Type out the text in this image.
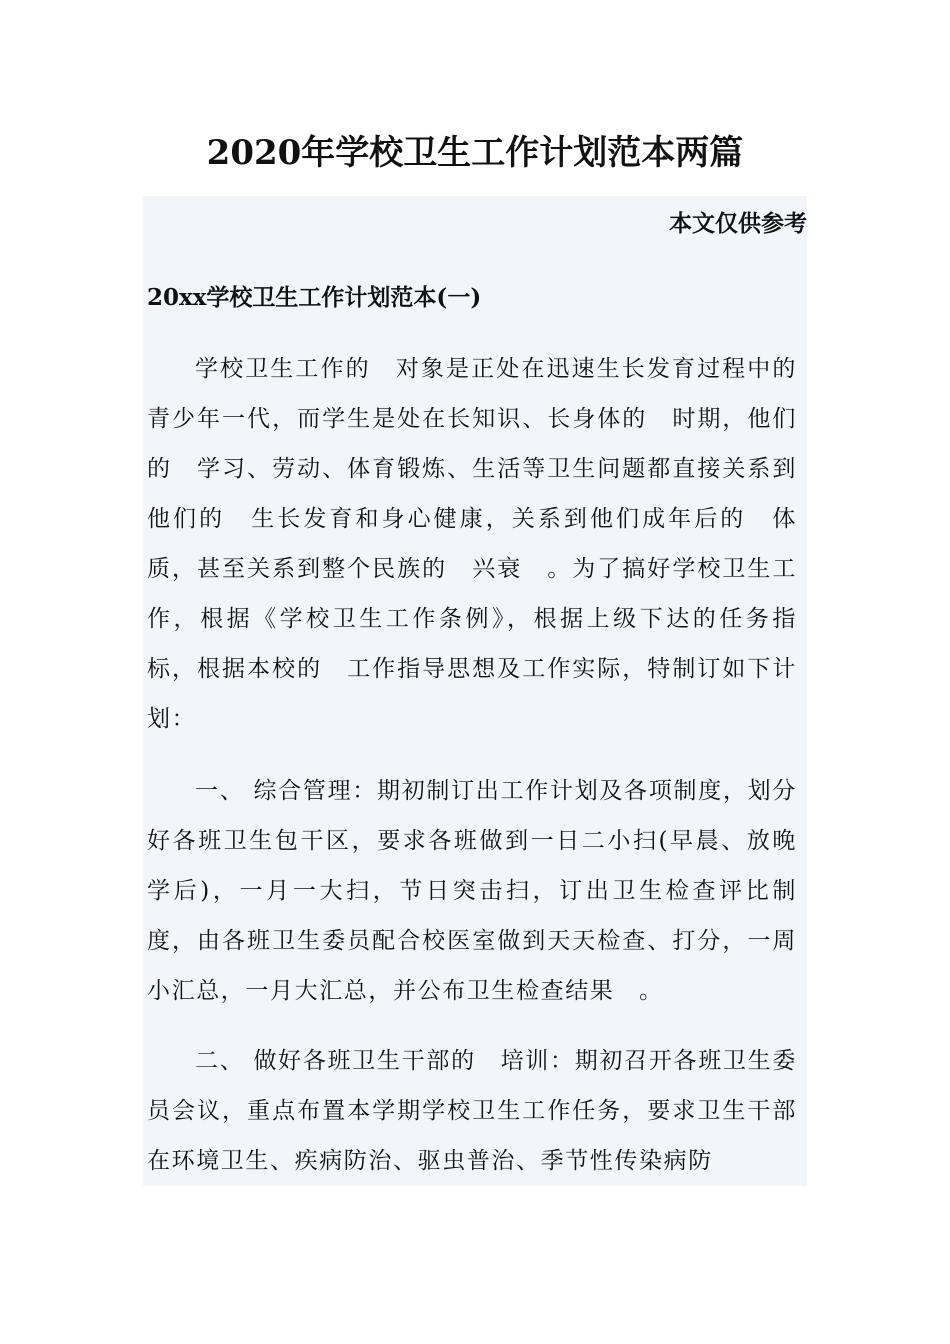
2020年学校卫生工作计划范本两篇
本文仅供参考
20xx学校卫生工作计划范本(一)

学校卫生工作的　对象是正处在迅速生长发育过程中的　青少年一代，而学生是处在长知识、长身体的　时期，他们的　学习、劳动、体育锻炼、生活等卫生问题都直接关系到他们的　生长发育和身心健康，关系到他们成年后的　体质，甚至关系到整个民族的　兴衰　。为了搞好学校卫生工作，根据《学校卫生工作条例》，根据上级下达的任务指标，根据本校的　工作指导思想及工作实际，特制订如下计划：

一、 综合管理：期初制订出工作计划及各项制度，划分好各班卫生包干区，要求各班做到一日二小扫(早晨、放晚学后)，一月一大扫，节日突击扫，订出卫生检查评比制度，由各班卫生委员配合校医室做到天天检查、打分，一周小汇总，一月大汇总，并公布卫生检查结果　。

二、 做好各班卫生干部的　培训：期初召开各班卫生委员会议，重点布置本学期学校卫生工作任务，要求卫生干部在环境卫生、疾病防治、驱虫普治、季节性传染病防
